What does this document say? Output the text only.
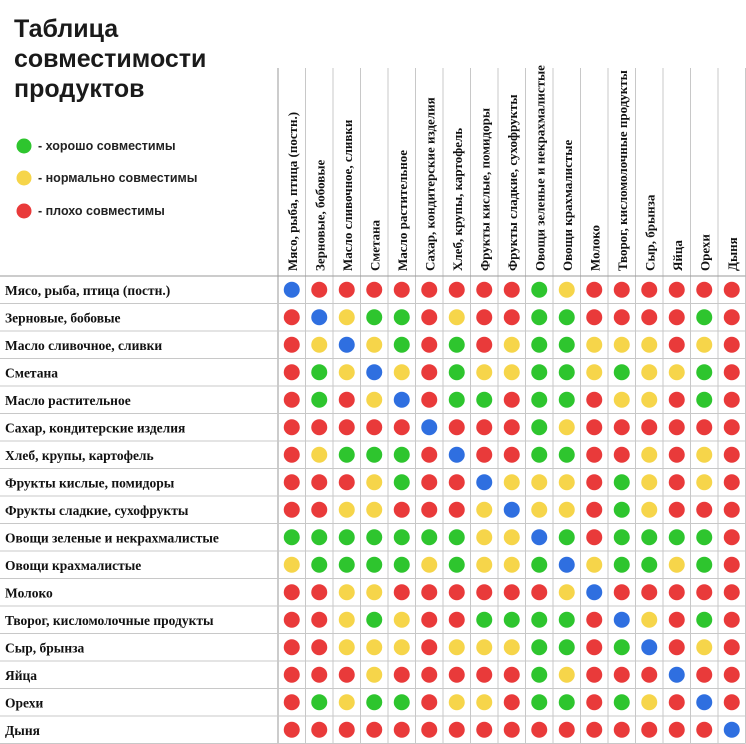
Таблица
совместимости
продуктов
- хорошо совместимы
- нормально совместимы
- плохо совместимы	Мясо, рыба, птица (постн.) Зерновые, бобовые Масло сливочное, сливки Сметана Масло растительное Сахар, кондитерские изделия Хлеб, крупы, картофель Фрукты кислые, помидоры Фрукты сладкие, сухофрукты Овощи зеленые и некрахмалистые Овощи крахмалистые Молоко Творог, кисломолочные продукты Сыр, брынза Яйца Орехи Дыня
Мясо, рыба, птица (постн.)
Зерновые, бобовые
Масло сливочное, сливки
Сметана
Масло растительное
Сахар, кондитерские изделия
Хлеб, крупы, картофель
Фрукты кислые, помидоры
Фрукты сладкие, сухофрукты
Овощи зеленые и некрахмалистые
Овощи крахмалистые
Молоко
Творог, кисломолочные продукты
Сыр, брынза
Яйца
Орехи
Дыня
